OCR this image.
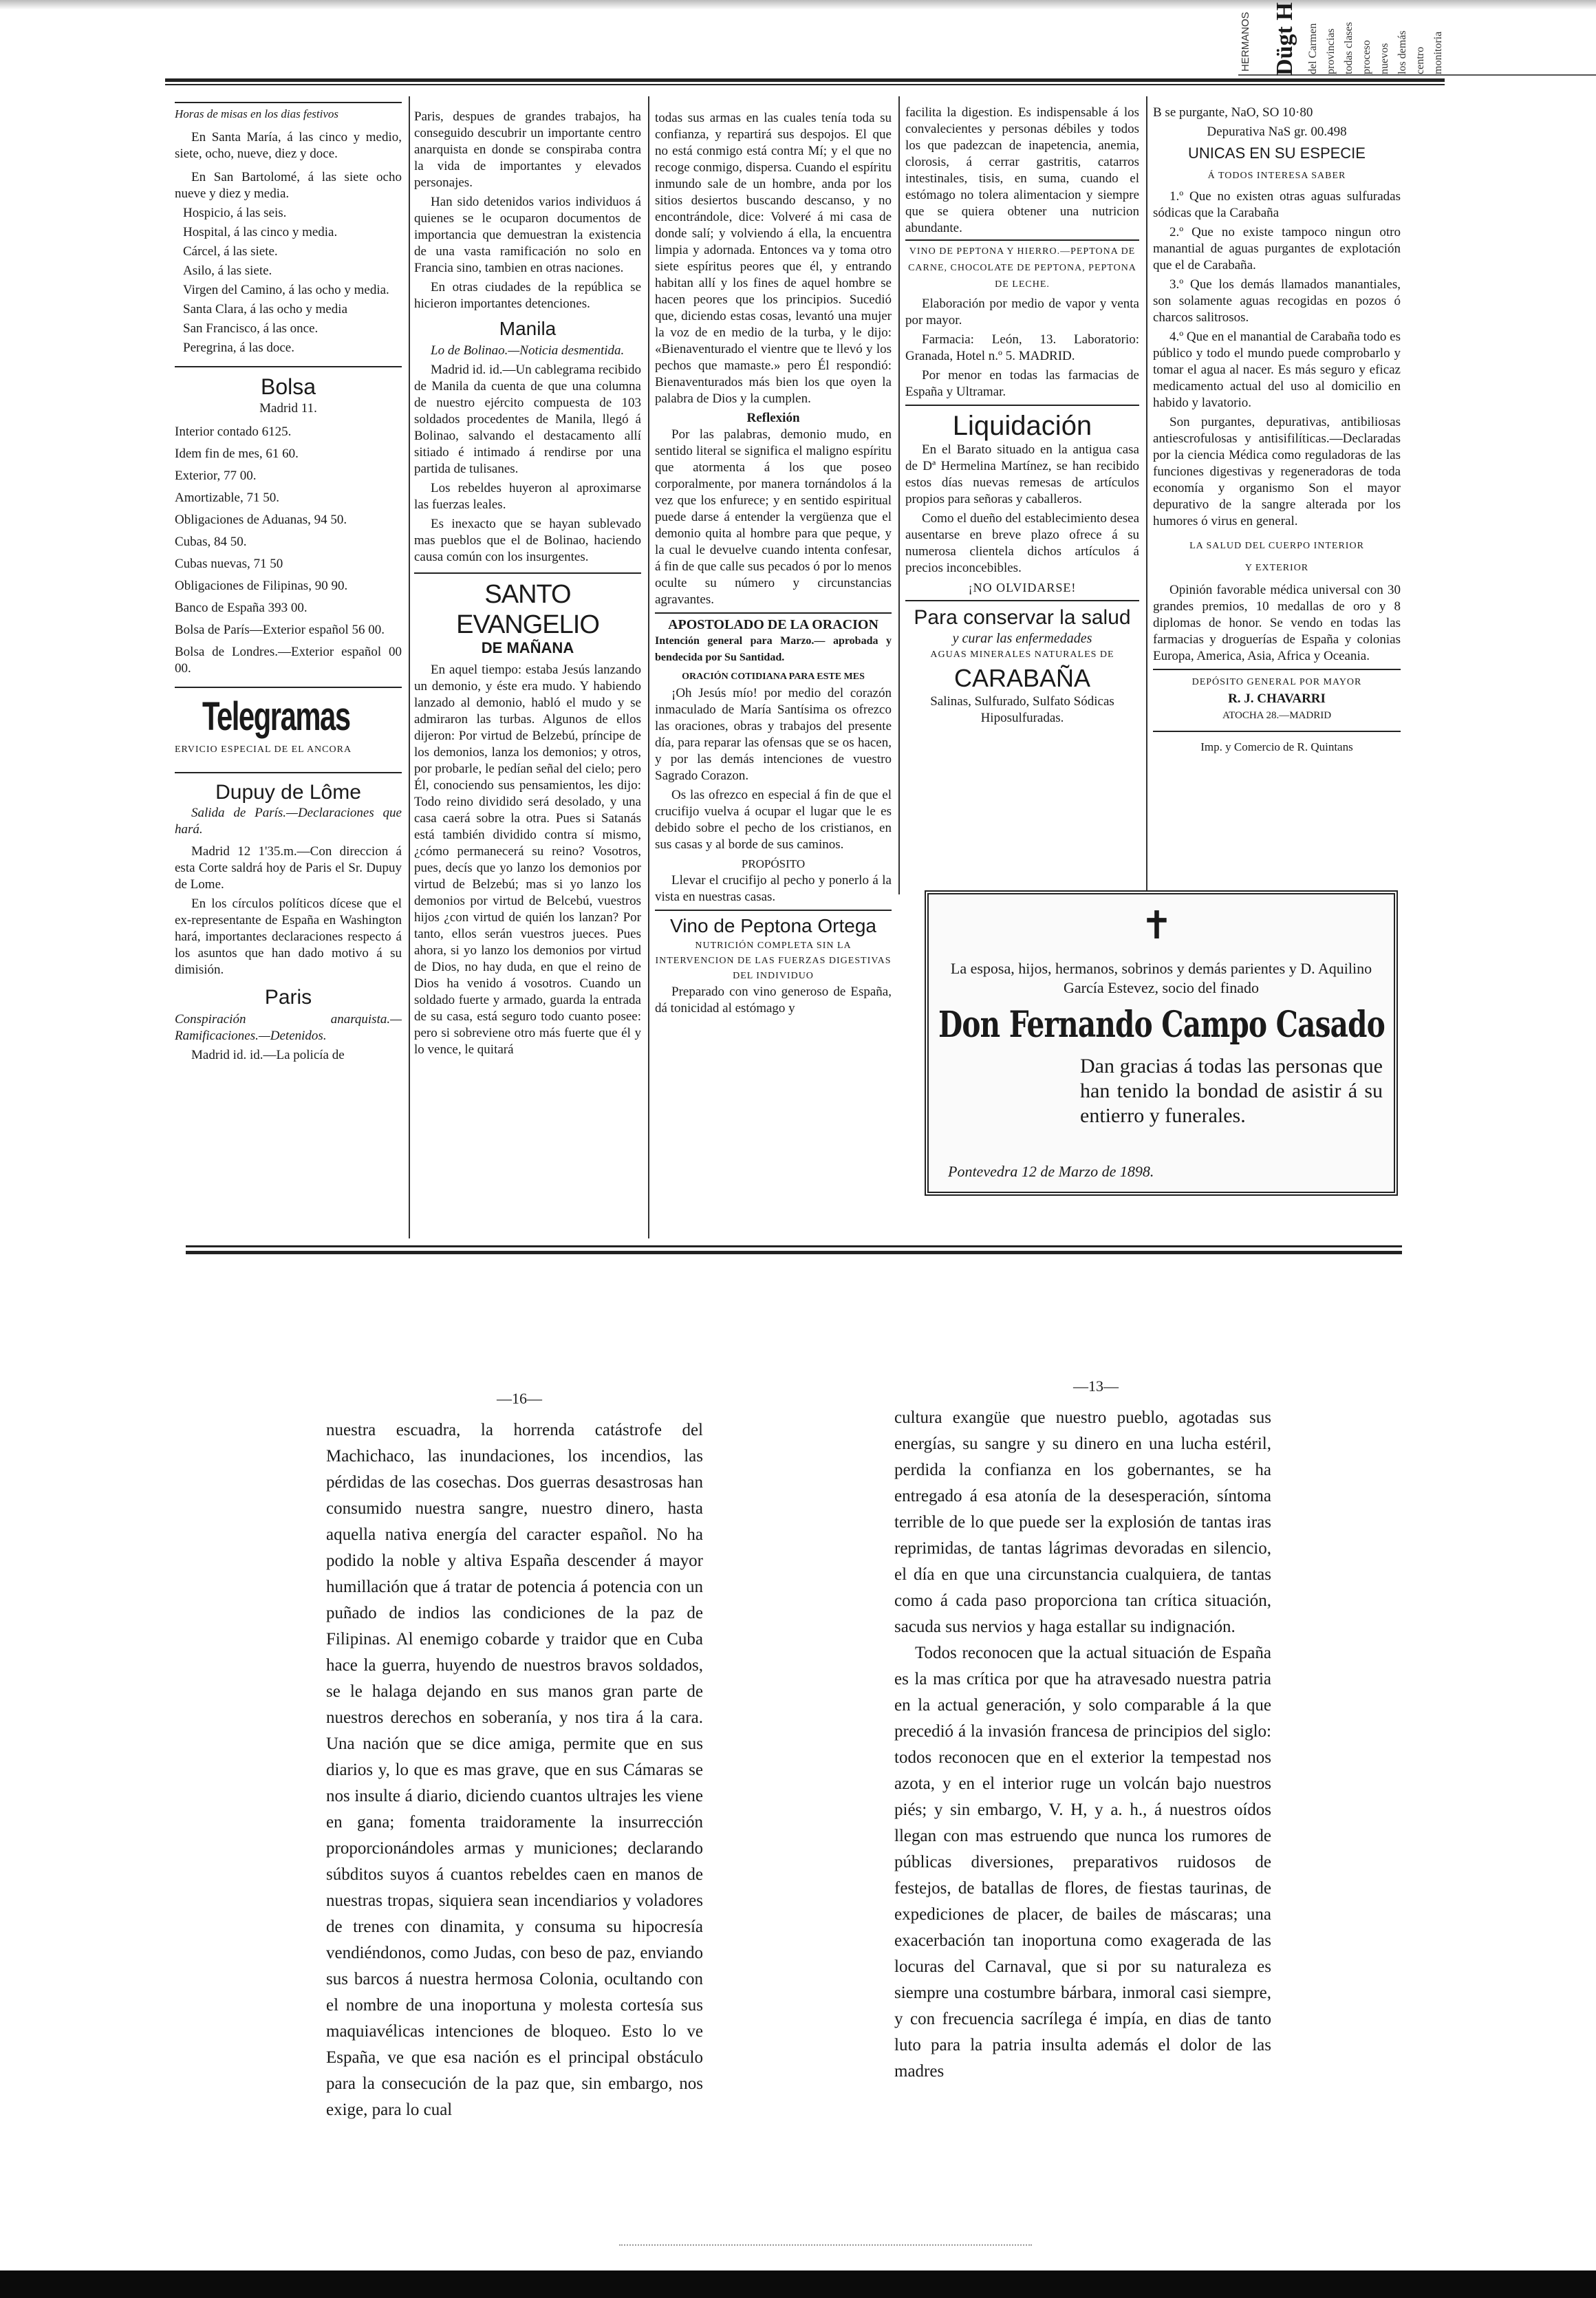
HERMANOS Dügt H del Carmen provincias todas clases proceso nuevos los demás centro monitoria
Horas de misas en los dias festivos

En Santa María, á las cinco y medio, siete, ocho, nueve, diez y doce.

En San Bartolomé, á las siete ocho nueve y diez y media.

Hospicio, á las seis.

Hospital, á las cinco y media.

Cárcel, á las siete.

Asilo, á las siete.

Virgen del Camino, á las ocho y media.

Santa Clara, á las ocho y media

San Francisco, á las once.

Peregrina, á las doce.

Bolsa
Madrid 11.

Interior contado 6125.

Idem fin de mes, 61 60.

Exterior, 77 00.

Amortizable, 71 50.

Obligaciones de Aduanas, 94 50.

Cubas, 84 50.

Cubas nuevas, 71 50

Obligaciones de Filipinas, 90 90.

Banco de España 393 00.

Bolsa de París—Exterior español 56 00.

Bolsa de Londres.—Exterior español 00 00.

Telegramas
ERVICIO ESPECIAL DE EL ANCORA
Dupuy de Lôme

Salida de París.—Declaraciones que hará.

Madrid 12 1'35.m.—Con direccion á esta Corte saldrá hoy de Paris el Sr. Dupuy de Lome.

En los círculos políticos dícese que el ex-representante de España en Washington hará, importantes declaraciones respecto á los asuntos que han dado motivo á su dimisión.

Paris

Conspiración anarquista.— Ramificaciones.—Detenidos.

Madrid id. id.—La policía de

Paris, despues de grandes trabajos, ha conseguido descubrir un importante centro anarquista en donde se conspiraba contra la vida de importantes y elevados personajes.

Han sido detenidos varios individuos á quienes se le ocuparon documentos de importancia que demuestran la existencia de una vasta ramificación no solo en Francia sino, tambien en otras naciones.

En otras ciudades de la república se hicieron importantes detenciones.

Manila

Lo de Bolinao.—Noticia desmentida.

Madrid id. id.—Un cablegrama recibido de Manila da cuenta de que una columna de nuestro ejército compuesta de 103 soldados procedentes de Manila, llegó á Bolinao, salvando el destacamento allí sitiado é intimado á rendirse por una partida de tulisanes.

Los rebeldes huyeron al aproximarse las fuerzas leales.

Es inexacto que se hayan sublevado mas pueblos que el de Bolinao, haciendo causa común con los insurgentes.

SANTO EVANGELIO
DE MAÑANA

En aquel tiempo: estaba Jesús lanzando un demonio, y éste era mudo. Y habiendo lanzado al demonio, habló el mudo y se admiraron las turbas. Algunos de ellos dijeron: Por virtud de Belzebú, príncipe de los demonios, lanza los demonios; y otros, por probarle, le pedían señal del cielo; pero Él, conociendo sus pensamientos, les dijo: Todo reino dividido será desolado, y una casa caerá sobre la otra. Pues si Satanás está también dividido contra sí mismo, ¿cómo permanecerá su reino? Vosotros, pues, decís que yo lanzo los demonios por virtud de Belzebú; mas si yo lanzo los demonios por virtud de Belcebú, vuestros hijos ¿con virtud de quién los lanzan? Por tanto, ellos serán vuestros jueces. Pues ahora, si yo lanzo los demonios por virtud de Dios, no hay duda, en que el reino de Dios ha venido á vosotros. Cuando un soldado fuerte y armado, guarda la entrada de su casa, está seguro todo cuanto posee: pero si sobreviene otro más fuerte que él y lo vence, le quitará

todas sus armas en las cuales tenía toda su confianza, y repartirá sus despojos. El que no está conmigo está contra Mí; y el que no recoge conmigo, dispersa. Cuando el espíritu inmundo sale de un hombre, anda por los sitios desiertos buscando descanso, y no encontrándole, dice: Volveré á mi casa de donde salí; y volviendo á ella, la encuentra limpia y adornada. Entonces va y toma otro siete espíritus peores que él, y entrando habitan allí y los fines de aquel hombre se hacen peores que los principios. Sucedió que, diciendo estas cosas, levantó una mujer la voz de en medio de la turba, y le dijo: «Bienaventurado el vientre que te llevó y los pechos que mamaste.» pero Él respondió: Bienaventurados más bien los que oyen la palabra de Dios y la cumplen.

Reflexión

Por las palabras, demonio mudo, en sentido literal se significa el maligno espíritu que atormenta á los que poseo corporalmente, por manera tornándolos á la vez que los enfurece; y en sentido espiritual puede darse á entender la vergüenza que el demonio quita al hombre para que peque, y la cual le devuelve cuando intenta confesar, á fin de que calle sus pecados ó por lo menos oculte su número y circunstancias agravantes.

APOSTOLADO DE LA ORACION

Intención general para Marzo.— aprobada y bendecida por Su Santidad.

ORACIÓN COTIDIANA PARA ESTE MES

¡Oh Jesús mío! por medio del corazón inmaculado de María Santísima os ofrezco las oraciones, obras y trabajos del presente día, para reparar las ofensas que se os hacen, y por las demás intenciones de vuestro Sagrado Corazon.

Os las ofrezco en especial á fin de que el crucifijo vuelva á ocupar el lugar que le es debido sobre el pecho de los cristianos, en sus casas y al borde de sus caminos.

PROPÓSITO

Llevar el crucifijo al pecho y ponerlo á la vista en nuestras casas.

Vino de Peptona Ortega
NUTRICIÓN COMPLETA SIN LA INTERVENCION DE LAS FUERZAS DIGESTIVAS DEL INDIVIDUO

Preparado con vino generoso de España, dá tonicidad al estómago y

facilita la digestion. Es indispensable á los convalecientes y personas débiles y todos los que padezcan de inapetencia, anemia, clorosis, á cerrar gastritis, catarros intestinales, tisis, en suma, cuando el estómago no tolera alimentacion y siempre que se quiera obtener una nutricion abundante.

VINO DE PEPTONA Y HIERRO.—PEPTONA DE CARNE, CHOCOLATE DE PEPTONA, PEPTONA DE LECHE.

Elaboración por medio de vapor y venta por mayor.

Farmacia: León, 13. Laboratorio: Granada, Hotel n.º 5. MADRID.

Por menor en todas las farmacias de España y Ultramar.

Liquidación

En el Barato situado en la antigua casa de Dª Hermelina Martínez, se han recibido estos días nuevas remesas de artículos propios para señoras y caballeros.

Como el dueño del establecimiento desea ausentarse en breve plazo ofrece á su numerosa clientela dichos artículos á precios inconcebibles.

¡NO OLVIDARSE!
Para conservar la salud
y curar las enfermedades
AGUAS MINERALES NATURALES DE
CARABAÑA

Salinas, Sulfurado, Sulfato Sódicas Hiposulfuradas.

B se purgante, NaO, SO 10·80

Depurativa NaS gr. 00.498

UNICAS EN SU ESPECIE
Á TODOS INTERESA SABER

1.º Que no existen otras aguas sulfuradas sódicas que la Carabaña

2.º Que no existe tampoco ningun otro manantial de aguas purgantes de explotación que el de Carabaña.

3.º Que los demás llamados manantiales, son solamente aguas recogidas en pozos ó charcos salitrosos.

4.º Que en el manantial de Carabaña todo es público y todo el mundo puede comprobarlo y tomar el agua al nacer. Es más seguro y eficaz medicamento actual del uso al domicilio en habido y lavatorio.

Son purgantes, depurativas, antibiliosas antiescrofulosas y antisifilíticas.—Declaradas por la ciencia Médica como reguladoras de las funciones digestivas y regeneradoras de toda economía y organismo Son el mayor depurativo de la sangre alterada por los humores ó virus en general.

LA SALUD DEL CUERPO INTERIOR
Y EXTERIOR

Opinión favorable médica universal con 30 grandes premios, 10 medallas de oro y 8 diplomas de honor. Se vendo en todas las farmacias y droguerías de España y colonias Europa, America, Asia, Africa y Oceania.

DEPÓSITO GENERAL POR MAYOR
R. J. CHAVARRI
ATOCHA 28.—MADRID
Imp. y Comercio de R. Quintans
✝
La esposa, hijos, hermanos, sobrinos y demás parientes y D. Aquilino García Estevez, socio del finado
Don Fernando Campo Casado
Dan gracias á todas las personas que han tenido la bondad de asistir á su entierro y funerales.
Pontevedra 12 de Marzo de 1898.
—16—

nuestra escuadra, la horrenda catástrofe del Machichaco, las inundaciones, los incendios, las pérdidas de las cosechas. Dos guerras desastrosas han consumido nuestra sangre, nuestro dinero, hasta aquella nativa energía del caracter español. No ha podido la noble y altiva España descender á mayor humillación que á tratar de potencia á potencia con un puñado de indios las condiciones de la paz de Filipinas. Al enemigo cobarde y traidor que en Cuba hace la guerra, huyendo de nuestros bravos soldados, se le halaga dejando en sus manos gran parte de nuestros derechos en soberanía, y nos tira á la cara. Una nación que se dice amiga, permite que en sus diarios y, lo que es mas grave, que en sus Cámaras se nos insulte á diario, diciendo cuantos ultrajes les viene en gana; fomenta traidoramente la insurrección proporcionándoles armas y municiones; declarando súbditos suyos á cuantos rebeldes caen en manos de nuestras tropas, siquiera sean incendiarios y voladores de trenes con dinamita, y consuma su hipocresía vendiéndonos, como Judas, con beso de paz, enviando sus barcos á nuestra hermosa Colonia, ocultando con el nombre de una inoportuna y molesta cortesía sus maquiavélicas intenciones de bloqueo. Esto lo ve España, ve que esa nación es el principal obstáculo para la consecución de la paz que, sin embargo, nos exige, para lo cual

—13—

cultura exangüe que nuestro pueblo, agotadas sus energías, su sangre y su dinero en una lucha estéril, perdida la confianza en los gobernantes, se ha entregado á esa atonía de la desesperación, síntoma terrible de lo que puede ser la explosión de tantas iras reprimidas, de tantas lágrimas devoradas en silencio, el día en que una circunstancia cualquiera, de tantas como á cada paso proporciona tan crítica situación, sacuda sus nervios y haga estallar su indignación.

Todos reconocen que la actual situación de España es la mas crítica por que ha atravesado nuestra patria en la actual generación, y solo comparable á la que precedió á la invasión francesa de principios del siglo: todos reconocen que en el exterior la tempestad nos azota, y en el interior ruge un volcán bajo nuestros piés; y sin embargo, V. H, y a. h., á nuestros oídos llegan con mas estruendo que nunca los rumores de públicas diversiones, preparativos ruidosos de festejos, de batallas de flores, de fiestas taurinas, de expediciones de placer, de bailes de máscaras; una exacerbación tan inoportuna como exagerada de las locuras del Carnaval, que si por su naturaleza es siempre una costumbre bárbara, inmoral casi siempre, y con frecuencia sacrílega é impía, en dias de tanto luto para la patria insulta además el dolor de las madres
